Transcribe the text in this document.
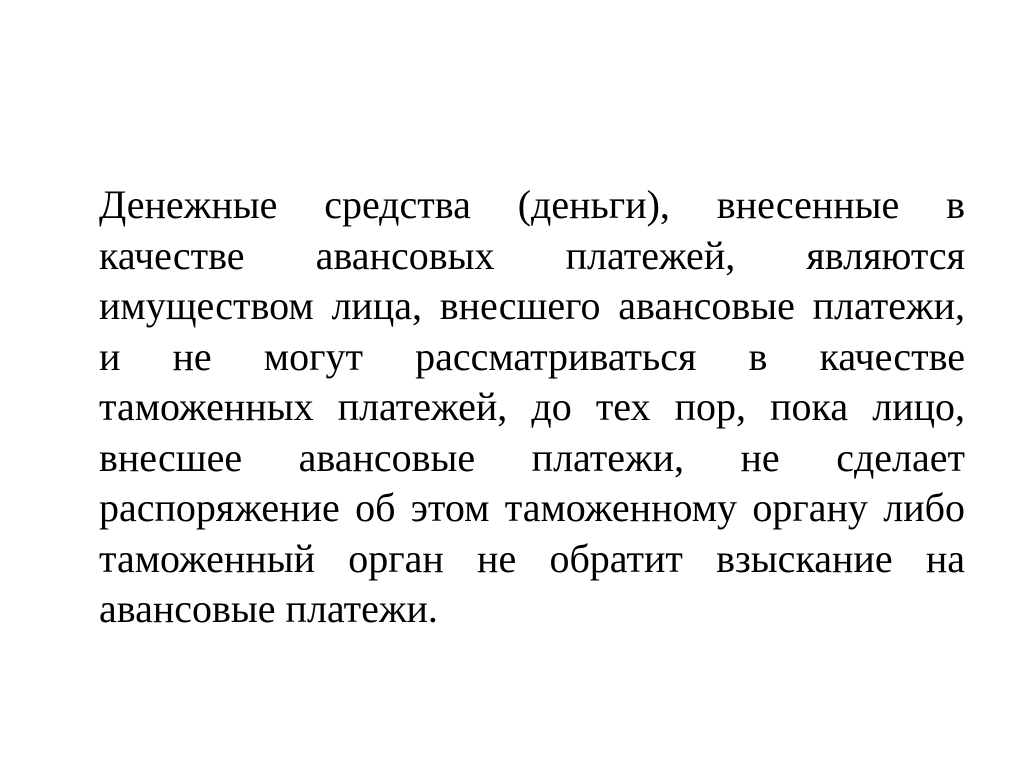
Денежные средства (деньги), внесенные в качестве авансовых платежей, являются имуществом лица, внесшего авансовые платежи, и не могут рассматриваться в качестве таможенных платежей, до тех пор, пока лицо, внесшее авансовые платежи, не сделает распоряжение об этом таможенному органу либо таможенный орган не обратит взыскание на авансовые платежи.
